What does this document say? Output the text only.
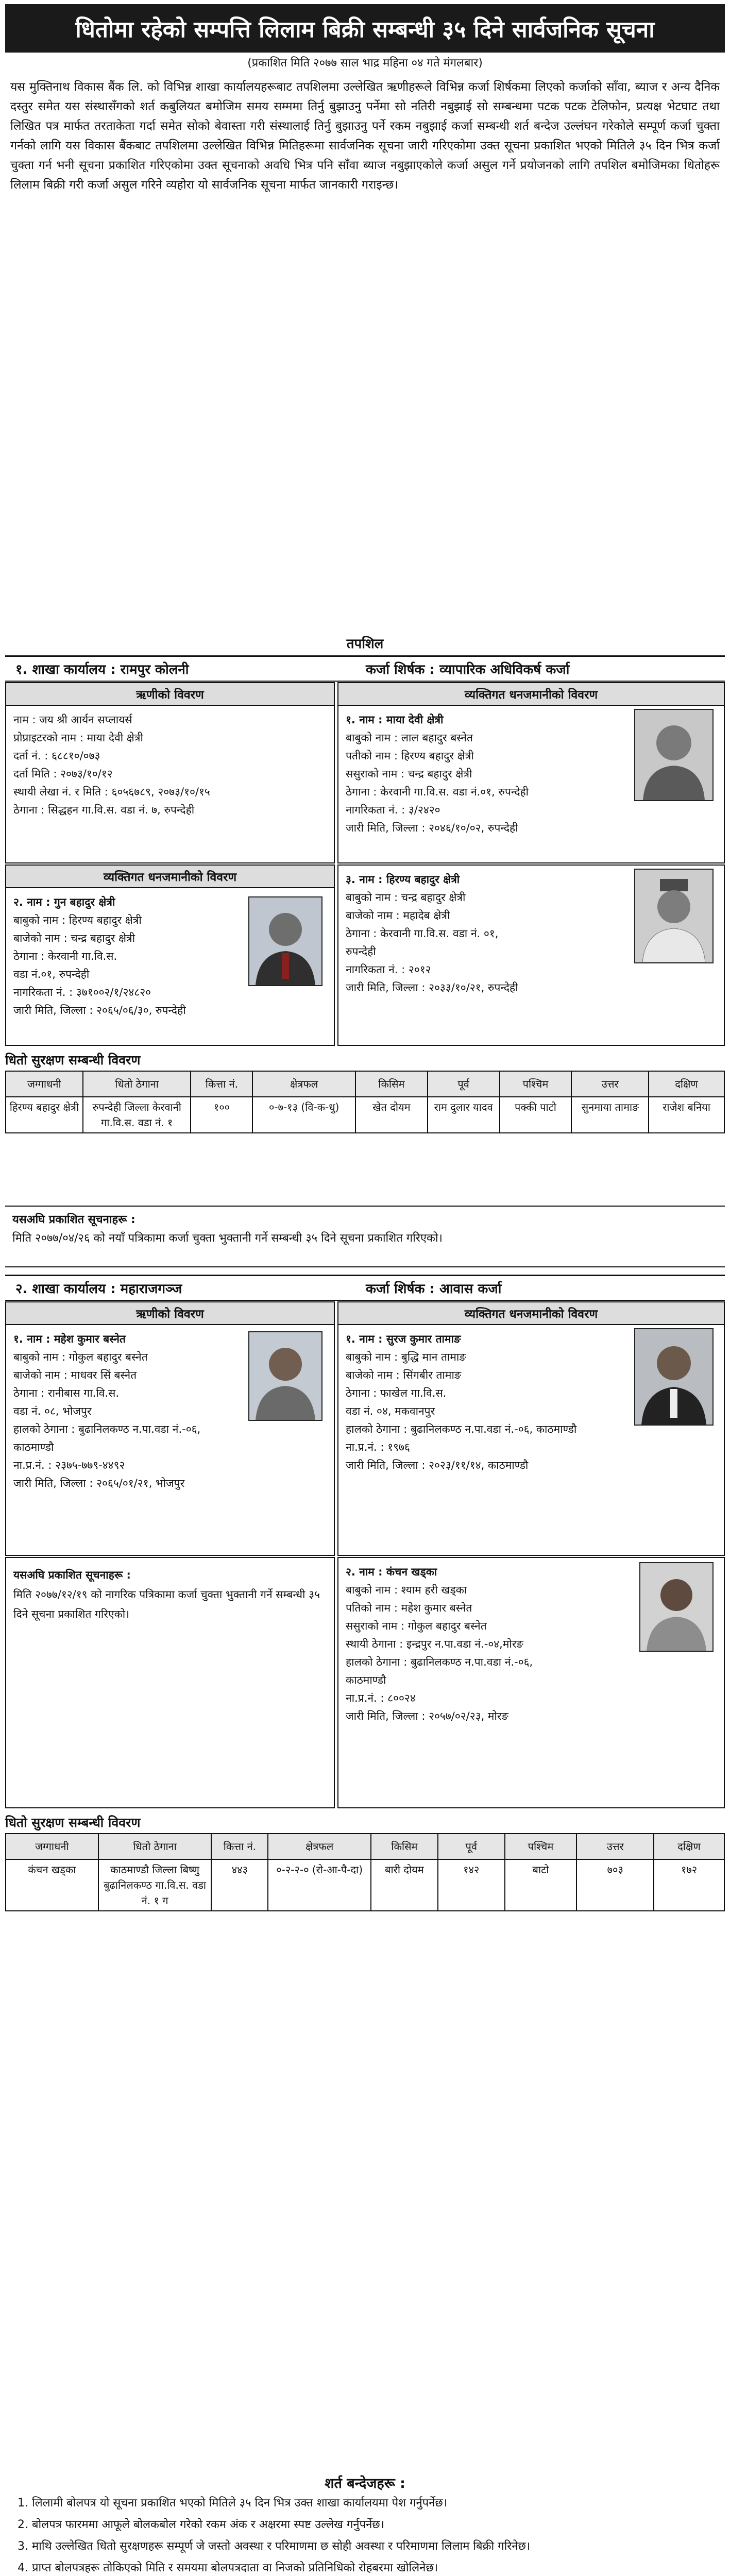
धितोमा रहेको सम्पत्ति लिलाम बिक्री सम्बन्धी ३५ दिने सार्वजनिक सूचना
(प्रकाशित मिति २०७७ साल भाद्र महिना ०४ गते मंगलबार)

यस मुक्तिनाथ विकास बैंक लि. को विभिन्न शाखा कार्यालयहरूबाट तपशिलमा उल्लेखित ऋणीहरूले विभिन्न कर्जा शिर्षकमा लिएको कर्जाको साँवा, ब्याज र अन्य दैनिक दस्तुर समेत यस संस्थासँगको शर्त कबुलियत बमोजिम समय सम्ममा तिर्नु बुझाउनु पर्नेमा सो नतिरी नबुझाई सो सम्बन्धमा पटक पटक टेलिफोन, प्रत्यक्ष भेटघाट तथा लिखित पत्र मार्फत तरताकेता गर्दा समेत सोको बेवास्ता गरी संस्थालाई तिर्नु बुझाउनु पर्ने रकम नबुझाई कर्जा सम्बन्धी शर्त बन्देज उल्लंघन गरेकोले सम्पूर्ण कर्जा चुक्ता गर्नको लागि यस विकास बैंकबाट तपशिलमा उल्लेखित विभिन्न मितिहरूमा सार्वजनिक सूचना जारी गरिएकोमा उक्त सूचना प्रकाशित भएको मितिले ३५ दिन भित्र कर्जा चुक्ता गर्न भनी सूचना प्रकाशित गरिएकोमा उक्त सूचनाको अवधि भित्र पनि साँवा ब्याज नबुझाएकोले कर्जा असुल गर्ने प्रयोजनको लागि तपशिल बमोजिमका धितोहरू लिलाम बिक्री गरी कर्जा असुल गरिने व्यहोरा यो सार्वजनिक सूचना मार्फत जानकारी गराइन्छ।

तपशिल
१. शाखा कार्यालय : रामपुर कोलनी	कर्जा शिर्षक : व्यापारिक अधिविकर्ष कर्जा
ऋणीको विवरण
नाम : जय श्री आर्यन सप्लायर्स
प्रोप्राइटरको नाम : माया देवी क्षेत्री
दर्ता नं. : ६८८१०/०७३
दर्ता मिति : २०७३/१०/१२
स्थायी लेखा नं. र मिति : ६०५६७८९, २०७३/१०/१५
ठेगाना : सिद्धहन गा.वि.स. वडा नं. ७, रुपन्देही
व्यक्तिगत धनजमानीको विवरण
१. नाम : माया देवी क्षेत्री
बाबुको नाम : लाल बहादुर बस्नेत
पतीको नाम : हिरण्य बहादुर क्षेत्री
ससुराको नाम : चन्द्र बहादुर क्षेत्री
ठेगाना : केरवानी गा.वि.स. वडा नं.०१, रुपन्देही
नागरिकता नं. : ३/२४२०
जारी मिति, जिल्ला : २०४६/१०/०२, रुपन्देही
व्यक्तिगत धनजमानीको विवरण
२. नाम : गुन बहादुर क्षेत्री
बाबुको नाम : हिरण्य बहादुर क्षेत्री
बाजेको नाम : चन्द्र बहादुर क्षेत्री
ठेगाना : केरवानी गा.वि.स.
वडा नं.०१, रुपन्देही
नागरिकता नं. : ३७१००२/१/२४८२०
जारी मिति, जिल्ला : २०६५/०६/३०, रुपन्देही
३. नाम : हिरण्य बहादुर क्षेत्री
बाबुको नाम : चन्द्र बहादुर क्षेत्री
बाजेको नाम : महादेब क्षेत्री
ठेगाना : केरवानी गा.वि.स. वडा नं. ०१,
रुपन्देही
नागरिकता नं. : २०१२
जारी मिति, जिल्ला : २०३३/१०/२१, रुपन्देही
धितो सुरक्षण सम्बन्धी विवरण
जग्गाधनी	धितो ठेगाना	कित्ता नं.	क्षेत्रफल	किसिम	पूर्व	पश्चिम	उत्तर	दक्षिण
हिरण्य बहादुर क्षेत्री	रुपन्देही जिल्ला केरवानी गा.वि.स. वडा नं. १	१००	०-७-१३ (वि-क-धु)	खेत दोयम	राम दुलार यादव	पक्की पाटो	सुनमाया तामाङ	राजेश बनिया
यसअघि प्रकाशित सूचनाहरू :
मिति २०७७/०४/२६ को नयाँ पत्रिकामा कर्जा चुक्ता भुक्तानी गर्ने सम्बन्धी ३५ दिने सूचना प्रकाशित गरिएको।
२. शाखा कार्यालय : महाराजगञ्ज	कर्जा शिर्षक : आवास कर्जा
ऋणीको विवरण
१. नाम : महेश कुमार बस्नेत
बाबुको नाम : गोकुल बहादुर बस्नेत
बाजेको नाम : माधवर सिं बस्नेत
ठेगाना : रानीबास गा.वि.स.
वडा नं. ०८, भोजपुर
हालको ठेगाना : बुढानिलकण्ठ न.पा.वडा नं.-०६,
काठमाण्डौ
ना.प्र.नं. : २३७५-७७९-४४९२
जारी मिति, जिल्ला : २०६५/०१/२१, भोजपुर
व्यक्तिगत धनजमानीको विवरण
१. नाम : सुरज कुमार तामाङ
बाबुको नाम : बुद्धि मान तामाङ
बाजेको नाम : सिंगबीर तामाङ
ठेगाना : फाखेल गा.वि.स.
वडा नं. ०४, मकवानपुर
हालको ठेगाना : बुढानिलकण्ठ न.पा.वडा नं.-०६, काठमाण्डौ
ना.प्र.नं. : १९७६
जारी मिति, जिल्ला : २०२३/११/१४, काठमाण्डौ
यसअघि प्रकाशित सूचनाहरू :
मिति २०७७/१२/१९ को नागरिक पत्रिकामा कर्जा चुक्ता भुक्तानी गर्ने सम्बन्धी ३५ दिने सूचना प्रकाशित गरिएको।
२. नाम : कंचन खड्का
बाबुको नाम : श्याम हरी खड्का
पतिको नाम : महेश कुमार बस्नेत
ससुराको नाम : गोकुल बहादुर बस्नेत
स्थायी ठेगाना : इन्द्रपुर न.पा.वडा नं.-०४,मोरङ
हालको ठेगाना : बुढानिलकण्ठ न.पा.वडा नं.-०६,
काठमाण्डौ
ना.प्र.नं. : ८००२४
जारी मिति, जिल्ला : २०५७/०२/२३, मोरङ
धितो सुरक्षण सम्बन्धी विवरण
जग्गाधनी	धितो ठेगाना	कित्ता नं.	क्षेत्रफल	किसिम	पूर्व	पश्चिम	उत्तर	दक्षिण
कंचन खड्का	काठमाण्डौ जिल्ला बिष्णु बुढानिलकण्ठ गा.वि.स. वडा नं. १ ग	४४३	०-२-२-० (रो-आ-पै-दा)	बारी दोयम	१४२	बाटो	७०३	१७२
शर्त बन्देजहरू :
1. लिलामी बोलपत्र यो सूचना प्रकाशित भएको मितिले ३५ दिन भित्र उक्त शाखा कार्यालयमा पेश गर्नुपर्नेछ।
2. बोलपत्र फारममा आफूले बोलकबोल गरेको रकम अंक र अक्षरमा स्पष्ट उल्लेख गर्नुपर्नेछ।
3. माथि उल्लेखित धितो सुरक्षणहरू सम्पूर्ण जे जस्तो अवस्था र परिमाणमा छ सोही अवस्था र परिमाणमा लिलाम बिक्री गरिनेछ।
4. प्राप्त बोलपत्रहरू तोकिएको मिति र समयमा बोलपत्रदाता वा निजको प्रतिनिधिको रोहबरमा खोलिनेछ।
